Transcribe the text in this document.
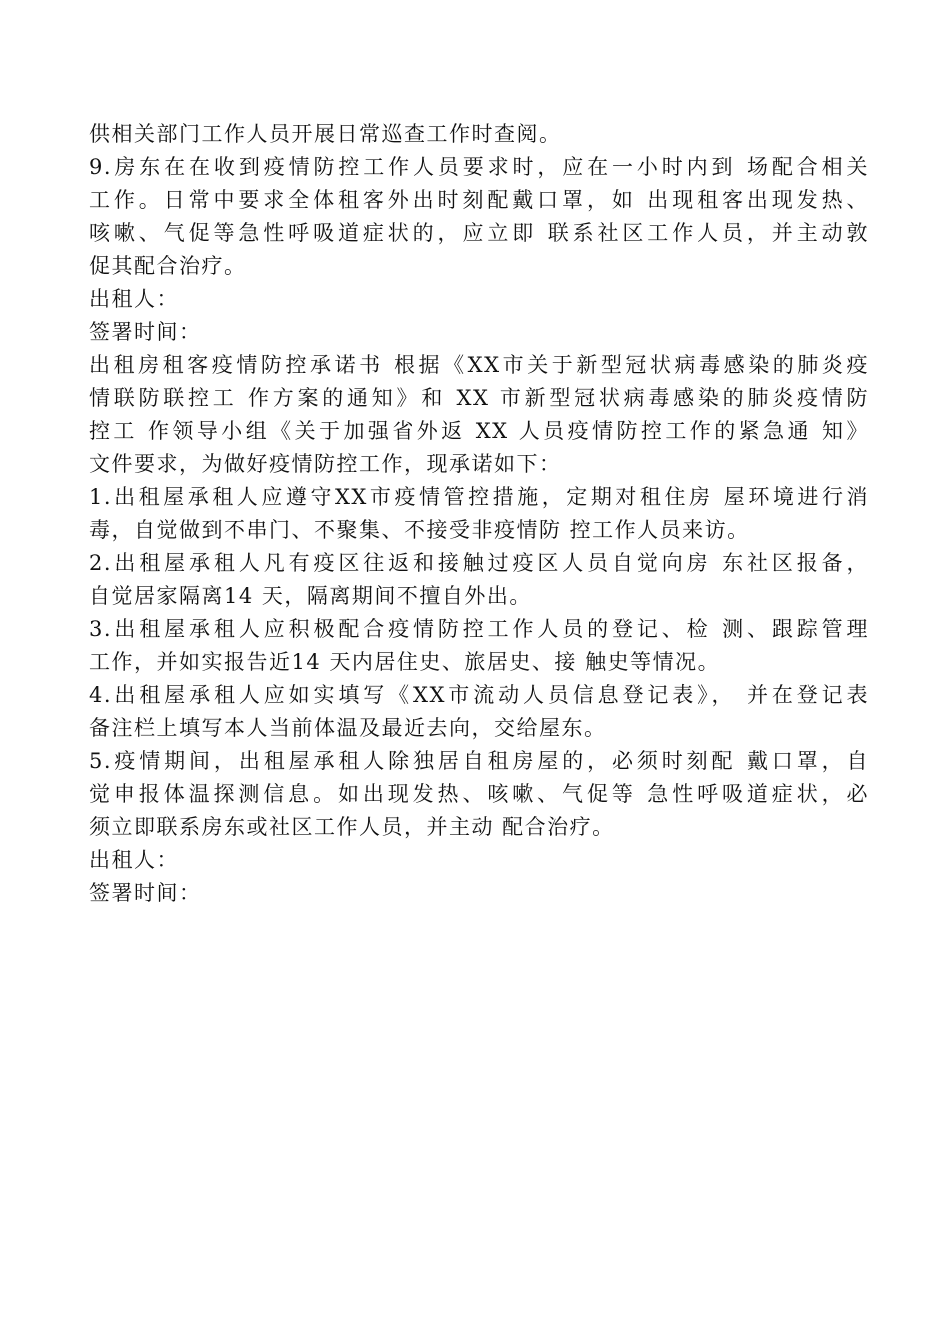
供相关部门工作人员开展日常巡查工作时查阅。
9.房东在在收到疫情防控工作人员要求时，应在一小时内到 场配合相关
工作。日常中要求全体租客外出时刻配戴口罩，如 出现租客出现发热、
咳嗽、气促等急性呼吸道症状的，应立即 联系社区工作人员，并主动敦
促其配合治疗。
出租人：
签署时间：
出租房租客疫情防控承诺书 根据《XX市关于新型冠状病毒感染的肺炎疫
情联防联控工 作方案的通知》和 XX 市新型冠状病毒感染的肺炎疫情防
控工 作领导小组《关于加强省外返 XX 人员疫情防控工作的紧急通 知》
文件要求，为做好疫情防控工作，现承诺如下：
1.出租屋承租人应遵守XX市疫情管控措施，定期对租住房 屋环境进行消
毒，自觉做到不串门、不聚集、不接受非疫情防 控工作人员来访。
2.出租屋承租人凡有疫区往返和接触过疫区人员自觉向房 东社区报备，
自觉居家隔离14 天，隔离期间不擅自外出。
3.出租屋承租人应积极配合疫情防控工作人员的登记、检 测、跟踪管理
工作，并如实报告近14 天内居住史、旅居史、接 触史等情况。
4.出租屋承租人应如实填写《XX市流动人员信息登记表》， 并在登记表
备注栏上填写本人当前体温及最近去向，交给屋东。
5.疫情期间，出租屋承租人除独居自租房屋的，必须时刻配 戴口罩，自
觉申报体温探测信息。如出现发热、咳嗽、气促等 急性呼吸道症状，必
须立即联系房东或社区工作人员，并主动 配合治疗。
出租人：
签署时间：
